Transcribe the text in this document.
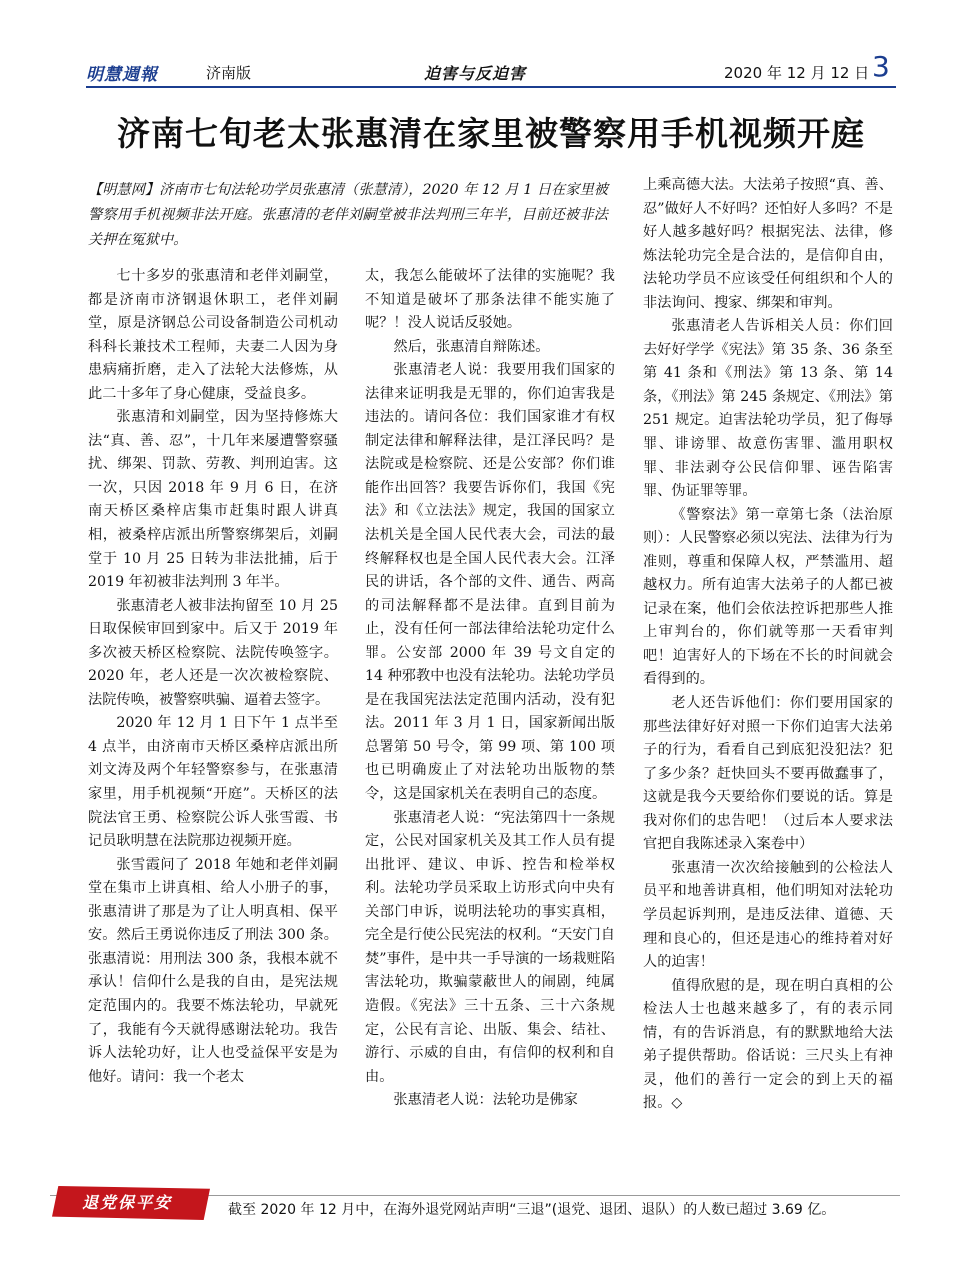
明慧週報	济南版	迫害与反迫害	2020 年 12 月 12 日 3
济南七旬老太张惠清在家里被警察用手机视频开庭
【明慧网】济南市七旬法轮功学员张惠清（张慧清），2020 年 12 月 1 日在家里被警察用手机视频非法开庭。张惠清的老伴刘嗣堂被非法判刑三年半，目前还被非法关押在冤狱中。

七十多岁的张惠清和老伴刘嗣堂，都是济南市济钢退休职工，老伴刘嗣堂，原是济钢总公司设备制造公司机动科科长兼技术工程师，夫妻二人因为身患病痛折磨，走入了法轮大法修炼，从此二十多年了身心健康，受益良多。

张惠清和刘嗣堂，因为坚持修炼大法“真、善、忍”，十几年来屡遭警察骚扰、绑架、罚款、劳教、判刑迫害。这一次，只因 2018 年 9 月 6 日，在济南天桥区桑梓店集市赶集时跟人讲真相，被桑梓店派出所警察绑架后，刘嗣堂于 10 月 25 日转为非法批捕，后于 2019 年初被非法判刑 3 年半。

张惠清老人被非法拘留至 10 月 25 日取保候审回到家中。后又于 2019 年多次被天桥区检察院、法院传唤签字。2020 年，老人还是一次次被检察院、法院传唤，被警察哄骗、逼着去签字。

2020 年 12 月 1 日下午 1 点半至 4 点半，由济南市天桥区桑梓店派出所刘文涛及两个年轻警察参与，在张惠清家里，用手机视频“开庭”。天桥区的法院法官王勇、检察院公诉人张雪霞、书记员耿明慧在法院那边视频开庭。

张雪霞问了 2018 年她和老伴刘嗣堂在集市上讲真相、给人小册子的事，张惠清讲了那是为了让人明真相、保平安。然后王勇说你违反了刑法 300 条。张惠清说：用刑法 300 条，我根本就不承认！信仰什么是我的自由，是宪法规定范围内的。我要不炼法轮功，早就死了，我能有今天就得感谢法轮功。我告诉人法轮功好，让人也受益保平安是为他好。请问：我一个老太

太，我怎么能破坏了法律的实施呢？我不知道是破坏了那条法律不能实施了呢？！没人说话反驳她。

然后，张惠清自辩陈述。

张惠清老人说：我要用我们国家的法律来证明我是无罪的，你们迫害我是违法的。请问各位：我们国家谁才有权制定法律和解释法律，是江泽民吗？是法院或是检察院、还是公安部？你们谁能作出回答？我要告诉你们，我国《宪法》和《立法法》规定，我国的国家立法机关是全国人民代表大会，司法的最终解释权也是全国人民代表大会。江泽民的讲话，各个部的文件、通告、两高的司法解释都不是法律。直到目前为止，没有任何一部法律给法轮功定什么罪。公安部 2000 年 39 号文自定的 14 种邪教中也没有法轮功。法轮功学员是在我国宪法法定范围内活动，没有犯法。2011 年 3 月 1 日，国家新闻出版总署第 50 号令，第 99 项、第 100 项也已明确废止了对法轮功出版物的禁令，这是国家机关在表明自己的态度。

张惠清老人说：“宪法第四十一条规定，公民对国家机关及其工作人员有提出批评、建议、申诉、控告和检举权利。法轮功学员采取上访形式向中央有关部门申诉，说明法轮功的事实真相，完全是行使公民宪法的权利。“天安门自焚”事件，是中共一手导演的一场栽赃陷害法轮功，欺骗蒙蔽世人的闹剧，纯属造假。《宪法》三十五条、三十六条规定，公民有言论、出版、集会、结社、游行、示威的自由，有信仰的权利和自由。

张惠清老人说：法轮功是佛家

上乘高德大法。大法弟子按照“真、善、忍”做好人不好吗？还怕好人多吗？不是好人越多越好吗？根据宪法、法律，修炼法轮功完全是合法的，是信仰自由，法轮功学员不应该受任何组织和个人的非法询问、搜家、绑架和审判。

张惠清老人告诉相关人员：你们回去好好学学《宪法》第 35 条、36 条至第 41 条和《刑法》第 13 条、第 14 条，《刑法》第 245 条规定、《刑法》第 251 规定。迫害法轮功学员，犯了侮辱罪、诽谤罪、故意伤害罪、滥用职权罪、非法剥夺公民信仰罪、诬告陷害罪、伪证罪等罪。

《警察法》第一章第七条（法治原则）：人民警察必须以宪法、法律为行为准则，尊重和保障人权，严禁滥用、超越权力。所有迫害大法弟子的人都已被记录在案，他们会依法控诉把那些人推上审判台的，你们就等那一天看审判吧！迫害好人的下场在不长的时间就会看得到的。

老人还告诉他们：你们要用国家的那些法律好好对照一下你们迫害大法弟子的行为，看看自己到底犯没犯法？犯了多少条？赶快回头不要再做蠢事了，这就是我今天要给你们要说的话。算是我对你们的忠告吧！（过后本人要求法官把自我陈述录入案卷中）

张惠清一次次给接触到的公检法人员平和地善讲真相，他们明知对法轮功学员起诉判刑，是违反法律、道德、天理和良心的，但还是违心的维持着对好人的迫害！

值得欣慰的是，现在明白真相的公检法人士也越来越多了，有的表示同情，有的告诉消息，有的默默地给大法弟子提供帮助。俗话说：三尺头上有神灵，他们的善行一定会的到上天的福报。◇

退党保平安	截至 2020 年 12 月中，在海外退党网站声明“三退”(退党、退团、退队）的人数已超过 3.69 亿。
